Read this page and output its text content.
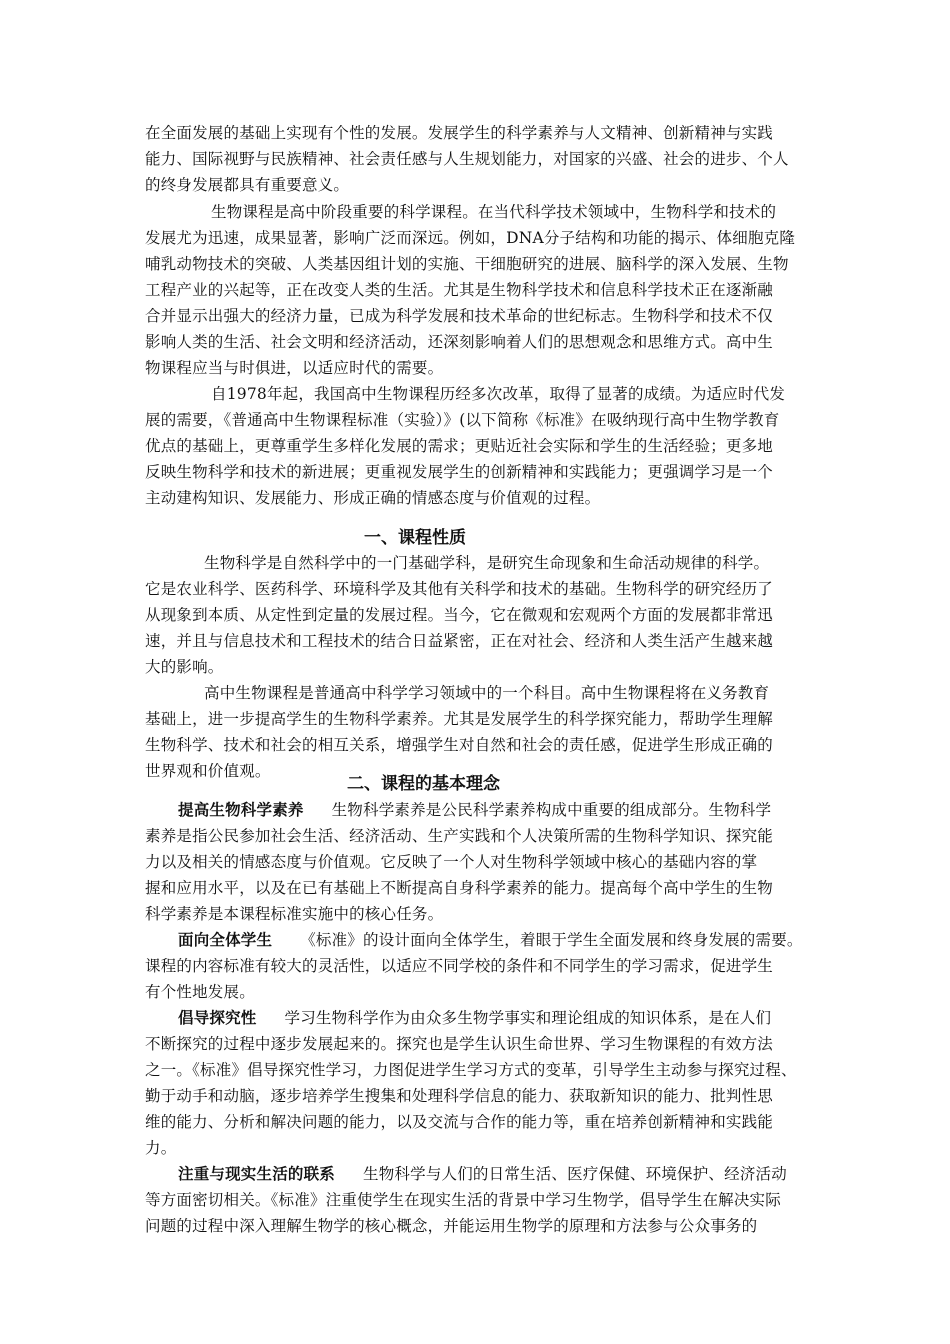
在全面发展的基础上实现有个性的发展。发展学生的科学素养与人文精神、创新精神与实践
能力、国际视野与民族精神、社会责任感与人生规划能力，对国家的兴盛、社会的进步、个人
的终身发展都具有重要意义。
生物课程是高中阶段重要的科学课程。在当代科学技术领域中，生物科学和技术的
发展尤为迅速，成果显著，影响广泛而深远。例如，DNA分子结构和功能的揭示、体细胞克隆
哺乳动物技术的突破、人类基因组计划的实施、干细胞研究的进展、脑科学的深入发展、生物
工程产业的兴起等，正在改变人类的生活。尤其是生物科学技术和信息科学技术正在逐渐融
合并显示出强大的经济力量，已成为科学发展和技术革命的世纪标志。生物科学和技术不仅
影响人类的生活、社会文明和经济活动，还深刻影响着人们的思想观念和思维方式。高中生
物课程应当与时俱进，以适应时代的需要。
自1978年起，我国高中生物课程历经多次改革，取得了显著的成绩。为适应时代发
展的需要，《普通高中生物课程标准（实验）》(以下简称《标准》在吸纳现行高中生物学教育
优点的基础上，更尊重学生多样化发展的需求；更贴近社会实际和学生的生活经验；更多地
反映生物科学和技术的新进展；更重视发展学生的创新精神和实践能力；更强调学习是一个
主动建构知识、发展能力、形成正确的情感态度与价值观的过程。
一、课程性质
生物科学是自然科学中的一门基础学科，是研究生命现象和生命活动规律的科学。
它是农业科学、医药科学、环境科学及其他有关科学和技术的基础。生物科学的研究经历了
从现象到本质、从定性到定量的发展过程。当今，它在微观和宏观两个方面的发展都非常迅
速，并且与信息技术和工程技术的结合日益紧密，正在对社会、经济和人类生活产生越来越
大的影响。
高中生物课程是普通高中科学学习领域中的一个科目。高中生物课程将在义务教育
基础上，进一步提高学生的生物科学素养。尤其是发展学生的科学探究能力，帮助学生理解
生物科学、技术和社会的相互关系，增强学生对自然和社会的责任感，促进学生形成正确的
世界观和价值观。
二、课程的基本理念
提高生物科学素养 生物科学素养是公民科学素养构成中重要的组成部分。生物科学
素养是指公民参加社会生活、经济活动、生产实践和个人决策所需的生物科学知识、探究能
力以及相关的情感态度与价值观。它反映了一个人对生物科学领域中核心的基础内容的掌
握和应用水平，以及在已有基础上不断提高自身科学素养的能力。提高每个高中学生的生物
科学素养是本课程标准实施中的核心任务。
面向全体学生 《标准》的设计面向全体学生，着眼于学生全面发展和终身发展的需要。
课程的内容标准有较大的灵活性，以适应不同学校的条件和不同学生的学习需求，促进学生
有个性地发展。
倡导探究性 学习生物科学作为由众多生物学事实和理论组成的知识体系，是在人们
不断探究的过程中逐步发展起来的。探究也是学生认识生命世界、学习生物课程的有效方法
之一。《标准》倡导探究性学习，力图促进学生学习方式的变革，引导学生主动参与探究过程、
勤于动手和动脑，逐步培养学生搜集和处理科学信息的能力、获取新知识的能力、批判性思
维的能力、分析和解决问题的能力，以及交流与合作的能力等，重在培养创新精神和实践能
力。
注重与现实生活的联系 生物科学与人们的日常生活、医疗保健、环境保护、经济活动
等方面密切相关。《标准》注重使学生在现实生活的背景中学习生物学，倡导学生在解决实际
问题的过程中深入理解生物学的核心概念，并能运用生物学的原理和方法参与公众事务的
